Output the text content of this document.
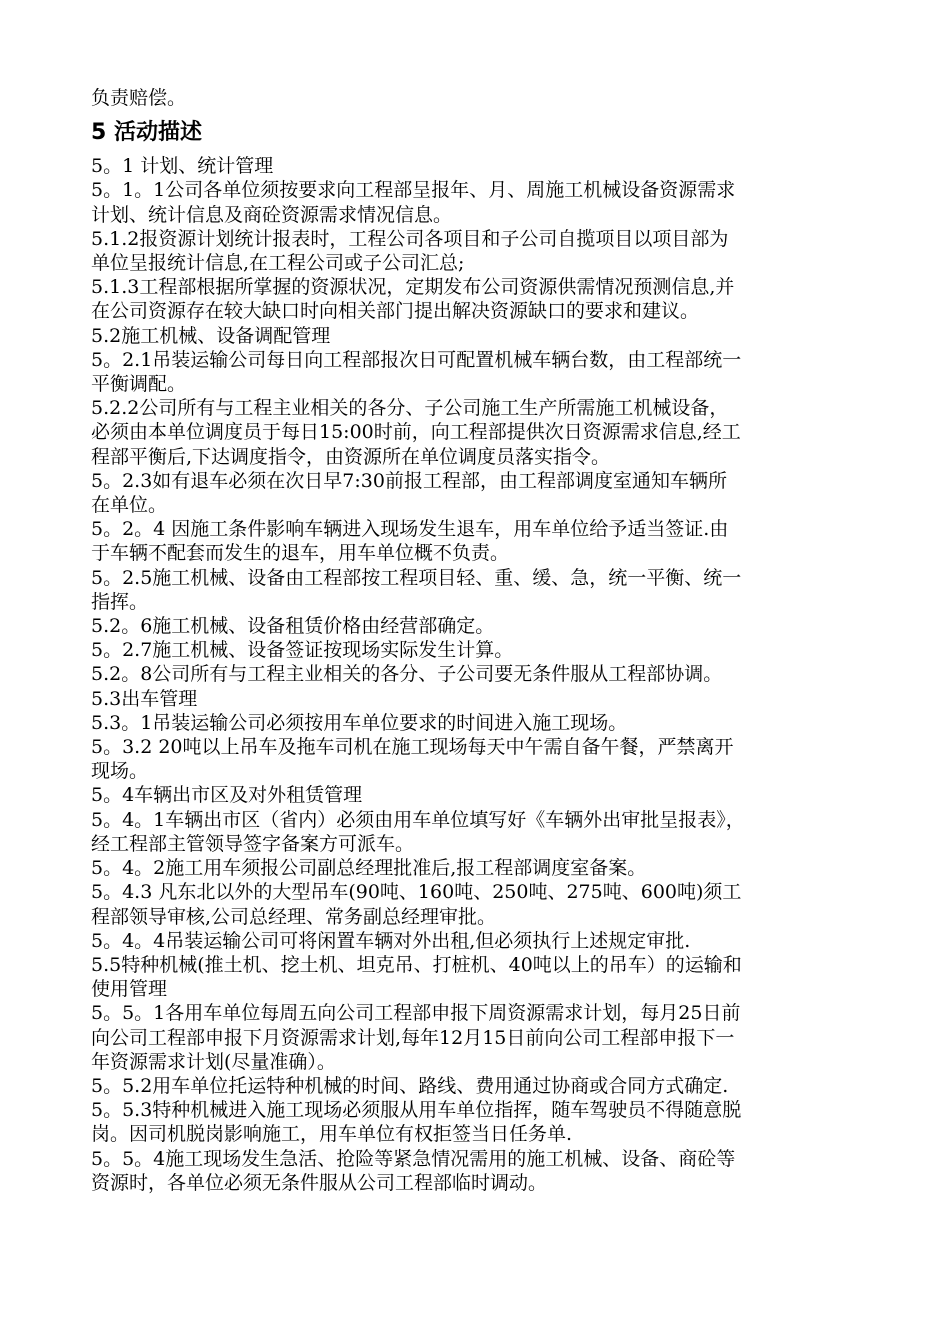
负责赔偿。
5 活动描述
5。1 计划、统计管理
5。1。1公司各单位须按要求向工程部呈报年、月、周施工机械设备资源需求
计划、统计信息及商砼资源需求情况信息。
5.1.2报资源计划统计报表时，工程公司各项目和子公司自揽项目以项目部为
单位呈报统计信息,在工程公司或子公司汇总;
5.1.3工程部根据所掌握的资源状况，定期发布公司资源供需情况预测信息,并
在公司资源存在较大缺口时向相关部门提出解决资源缺口的要求和建议。
5.2施工机械、设备调配管理
5。2.1吊装运输公司每日向工程部报次日可配置机械车辆台数，由工程部统一
平衡调配。
5.2.2公司所有与工程主业相关的各分、子公司施工生产所需施工机械设备，
必须由本单位调度员于每日15:00时前，向工程部提供次日资源需求信息,经工
程部平衡后,下达调度指令，由资源所在单位调度员落实指令。
5。2.3如有退车必须在次日早7:30前报工程部，由工程部调度室通知车辆所
在单位。
5。2。4 因施工条件影响车辆进入现场发生退车，用车单位给予适当签证.由
于车辆不配套而发生的退车，用车单位概不负责。
5。2.5施工机械、设备由工程部按工程项目轻、重、缓、急，统一平衡、统一
指挥。
5.2。6施工机械、设备租赁价格由经营部确定。
5。2.7施工机械、设备签证按现场实际发生计算。
5.2。8公司所有与工程主业相关的各分、子公司要无条件服从工程部协调。
5.3出车管理
5.3。1吊装运输公司必须按用车单位要求的时间进入施工现场。
5。3.2 20吨以上吊车及拖车司机在施工现场每天中午需自备午餐，严禁离开
现场。
5。4车辆出市区及对外租赁管理
5。4。1车辆出市区（省内）必须由用车单位填写好《车辆外出审批呈报表》，
经工程部主管领导签字备案方可派车。
5。4。2施工用车须报公司副总经理批准后,报工程部调度室备案。
5。4.3 凡东北以外的大型吊车(90吨、160吨、250吨、275吨、600吨)须工
程部领导审核,公司总经理、常务副总经理审批。
5。4。4吊装运输公司可将闲置车辆对外出租,但必须执行上述规定审批.
5.5特种机械(推土机、挖土机、坦克吊、打桩机、40吨以上的吊车）的运输和
使用管理
5。5。1各用车单位每周五向公司工程部申报下周资源需求计划，每月25日前
向公司工程部申报下月资源需求计划,每年12月15日前向公司工程部申报下一
年资源需求计划(尽量准确）。
5。5.2用车单位托运特种机械的时间、路线、费用通过协商或合同方式确定.
5。5.3特种机械进入施工现场必须服从用车单位指挥，随车驾驶员不得随意脱
岗。因司机脱岗影响施工，用车单位有权拒签当日任务单.
5。5。4施工现场发生急活、抢险等紧急情况需用的施工机械、设备、商砼等
资源时，各单位必须无条件服从公司工程部临时调动。
